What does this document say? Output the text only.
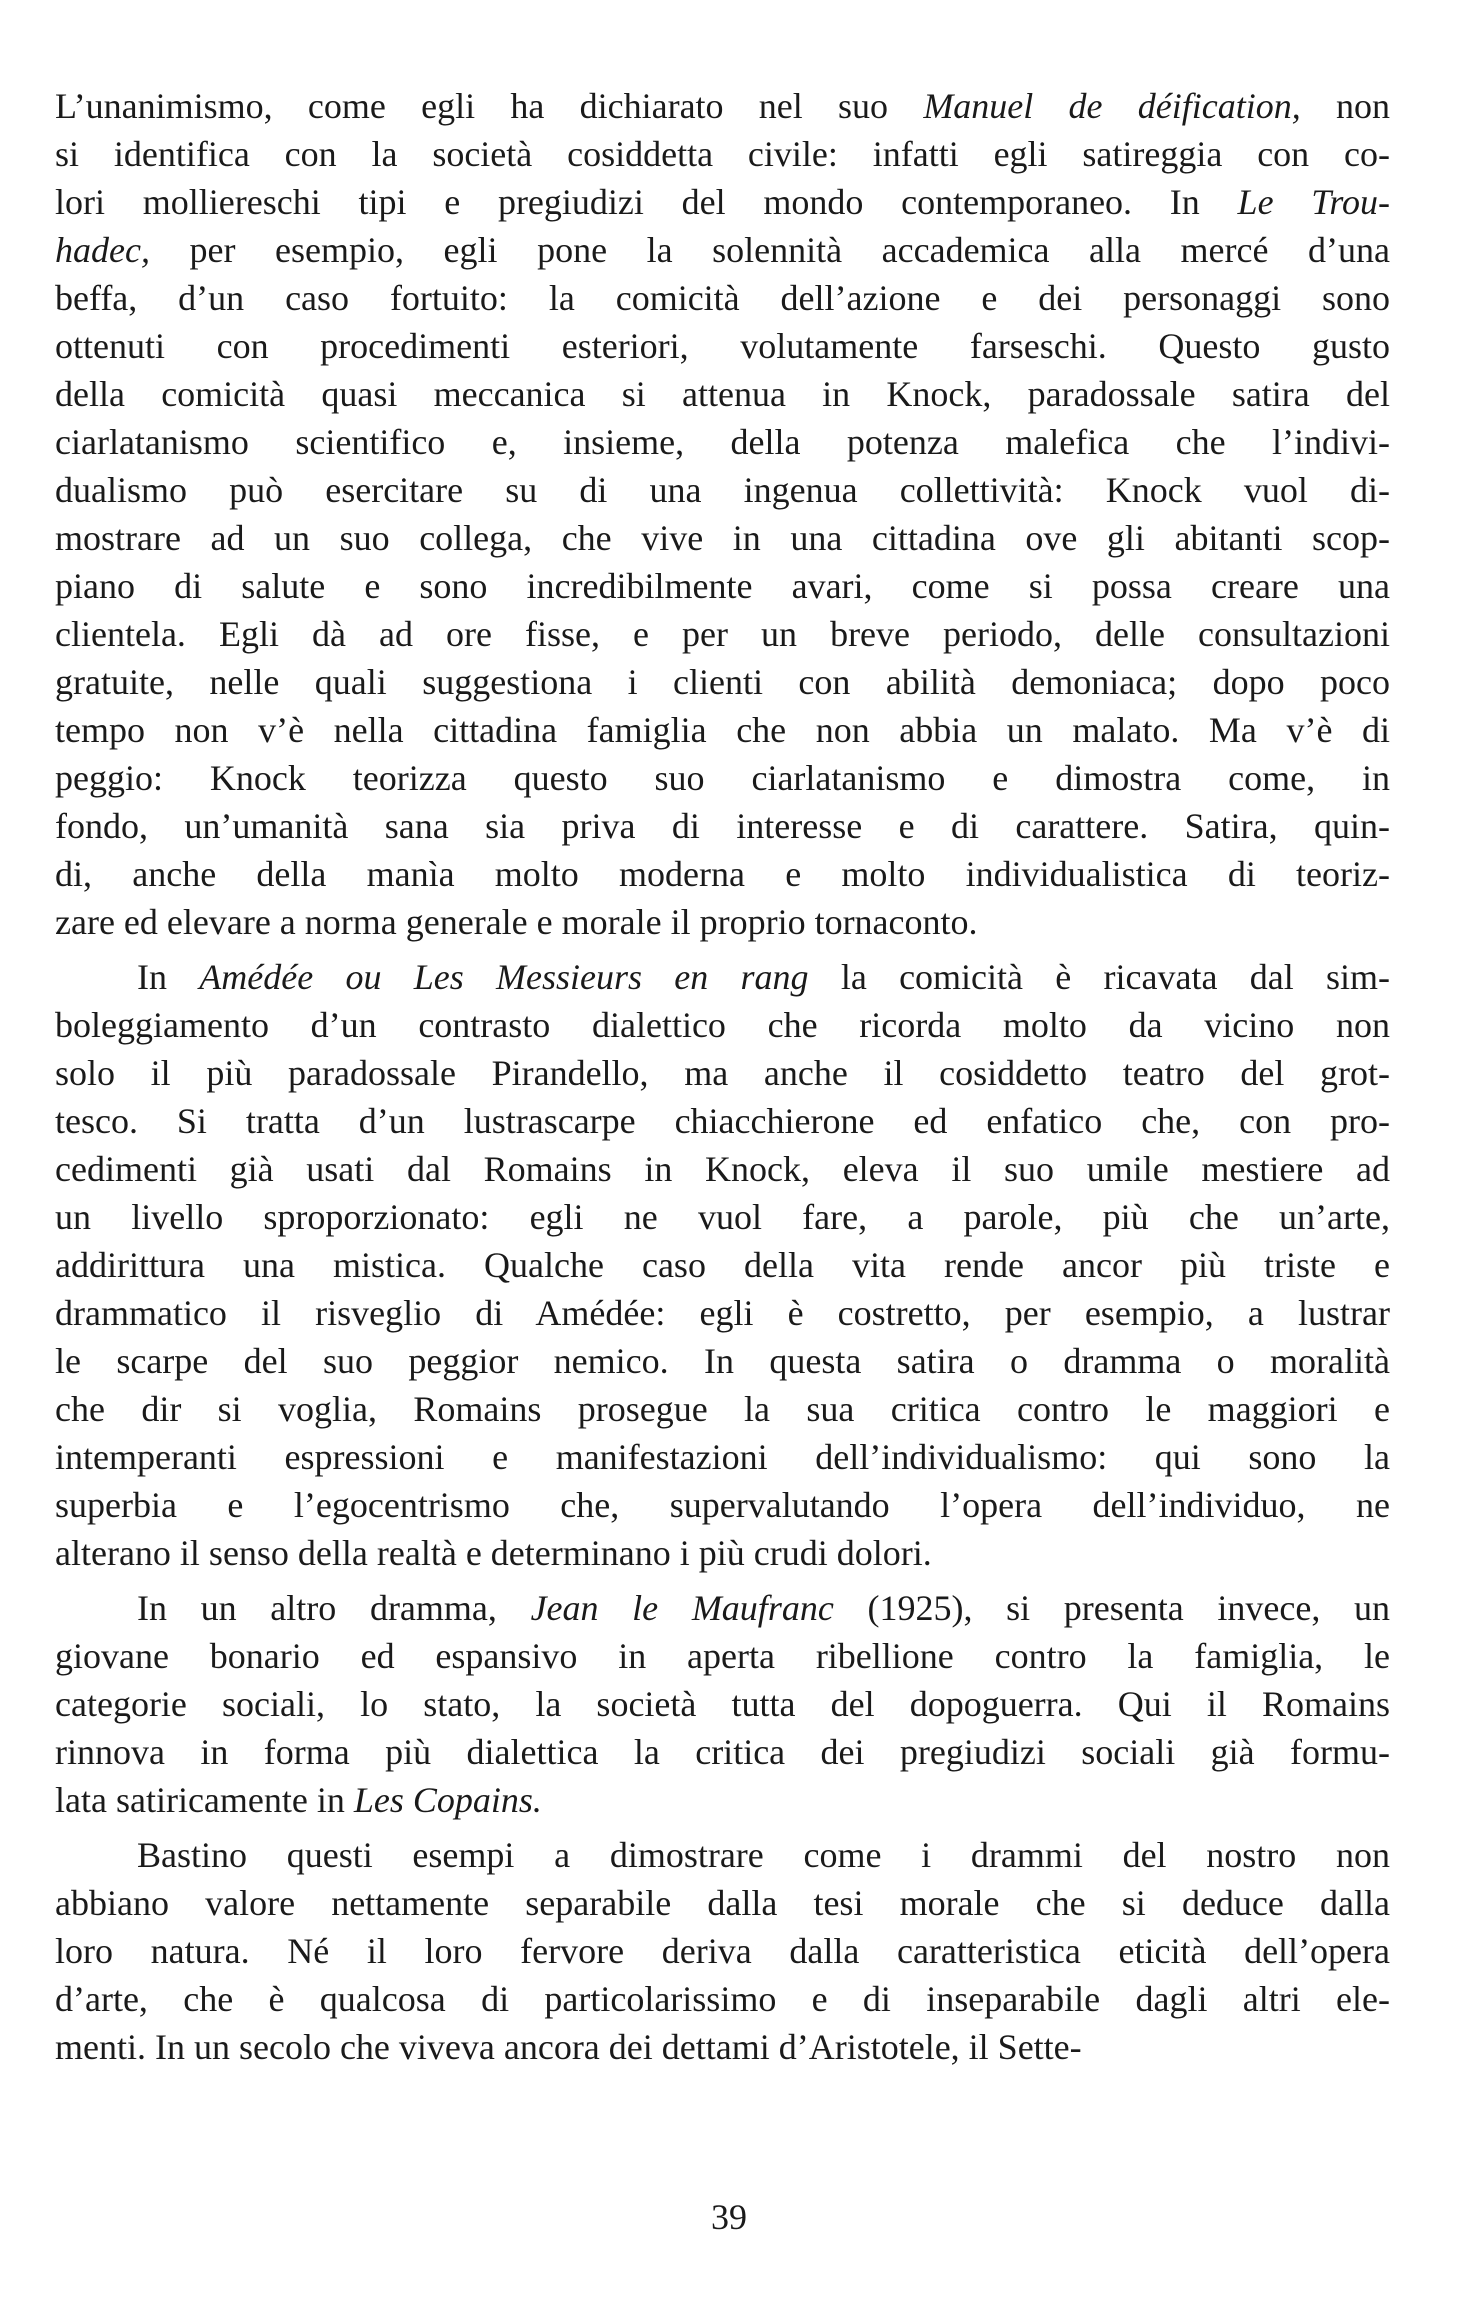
L’unanimismo, come egli ha dichiarato nel suo Manuel de déification, non
si identifica con la società cosiddetta civile: infatti egli satireggia con co-
lori molliereschi tipi e pregiudizi del mondo contemporaneo. In Le Trou-
hadec, per esempio, egli pone la solennità accademica alla mercé d’una
beffa, d’un caso fortuito: la comicità dell’azione e dei personaggi sono
ottenuti con procedimenti esteriori, volutamente farseschi. Questo gusto
della comicità quasi meccanica si attenua in Knock, paradossale satira del
ciarlatanismo scientifico e, insieme, della potenza malefica che l’indivi-
dualismo può esercitare su di una ingenua collettività: Knock vuol di-
mostrare ad un suo collega, che vive in una cittadina ove gli abitanti scop-
piano di salute e sono incredibilmente avari, come si possa creare una
clientela. Egli dà ad ore fisse, e per un breve periodo, delle consultazioni
gratuite, nelle quali suggestiona i clienti con abilità demoniaca; dopo poco
tempo non v’è nella cittadina famiglia che non abbia un malato. Ma v’è di
peggio: Knock teorizza questo suo ciarlatanismo e dimostra come, in
fondo, un’umanità sana sia priva di interesse e di carattere. Satira, quin-
di, anche della manìa molto moderna e molto individualistica di teoriz-
zare ed elevare a norma generale e morale il proprio tornaconto.
In Amédée ou Les Messieurs en rang la comicità è ricavata dal sim-
boleggiamento d’un contrasto dialettico che ricorda molto da vicino non
solo il più paradossale Pirandello, ma anche il cosiddetto teatro del grot-
tesco. Si tratta d’un lustrascarpe chiacchierone ed enfatico che, con pro-
cedimenti già usati dal Romains in Knock, eleva il suo umile mestiere ad
un livello sproporzionato: egli ne vuol fare, a parole, più che un’arte,
addirittura una mistica. Qualche caso della vita rende ancor più triste e
drammatico il risveglio di Amédée: egli è costretto, per esempio, a lustrar
le scarpe del suo peggior nemico. In questa satira o dramma o moralità
che dir si voglia, Romains prosegue la sua critica contro le maggiori e
intemperanti espressioni e manifestazioni dell’individualismo: qui sono la
superbia e l’egocentrismo che, supervalutando l’opera dell’individuo, ne
alterano il senso della realtà e determinano i più crudi dolori.
In un altro dramma, Jean le Maufranc (1925), si presenta invece, un
giovane bonario ed espansivo in aperta ribellione contro la famiglia, le
categorie sociali, lo stato, la società tutta del dopoguerra. Qui il Romains
rinnova in forma più dialettica la critica dei pregiudizi sociali già formu-
lata satiricamente in Les Copains.
Bastino questi esempi a dimostrare come i drammi del nostro non
abbiano valore nettamente separabile dalla tesi morale che si deduce dalla
loro natura. Né il loro fervore deriva dalla caratteristica eticità dell’opera
d’arte, che è qualcosa di particolarissimo e di inseparabile dagli altri ele-
menti. In un secolo che viveva ancora dei dettami d’Aristotele, il Sette-
39
